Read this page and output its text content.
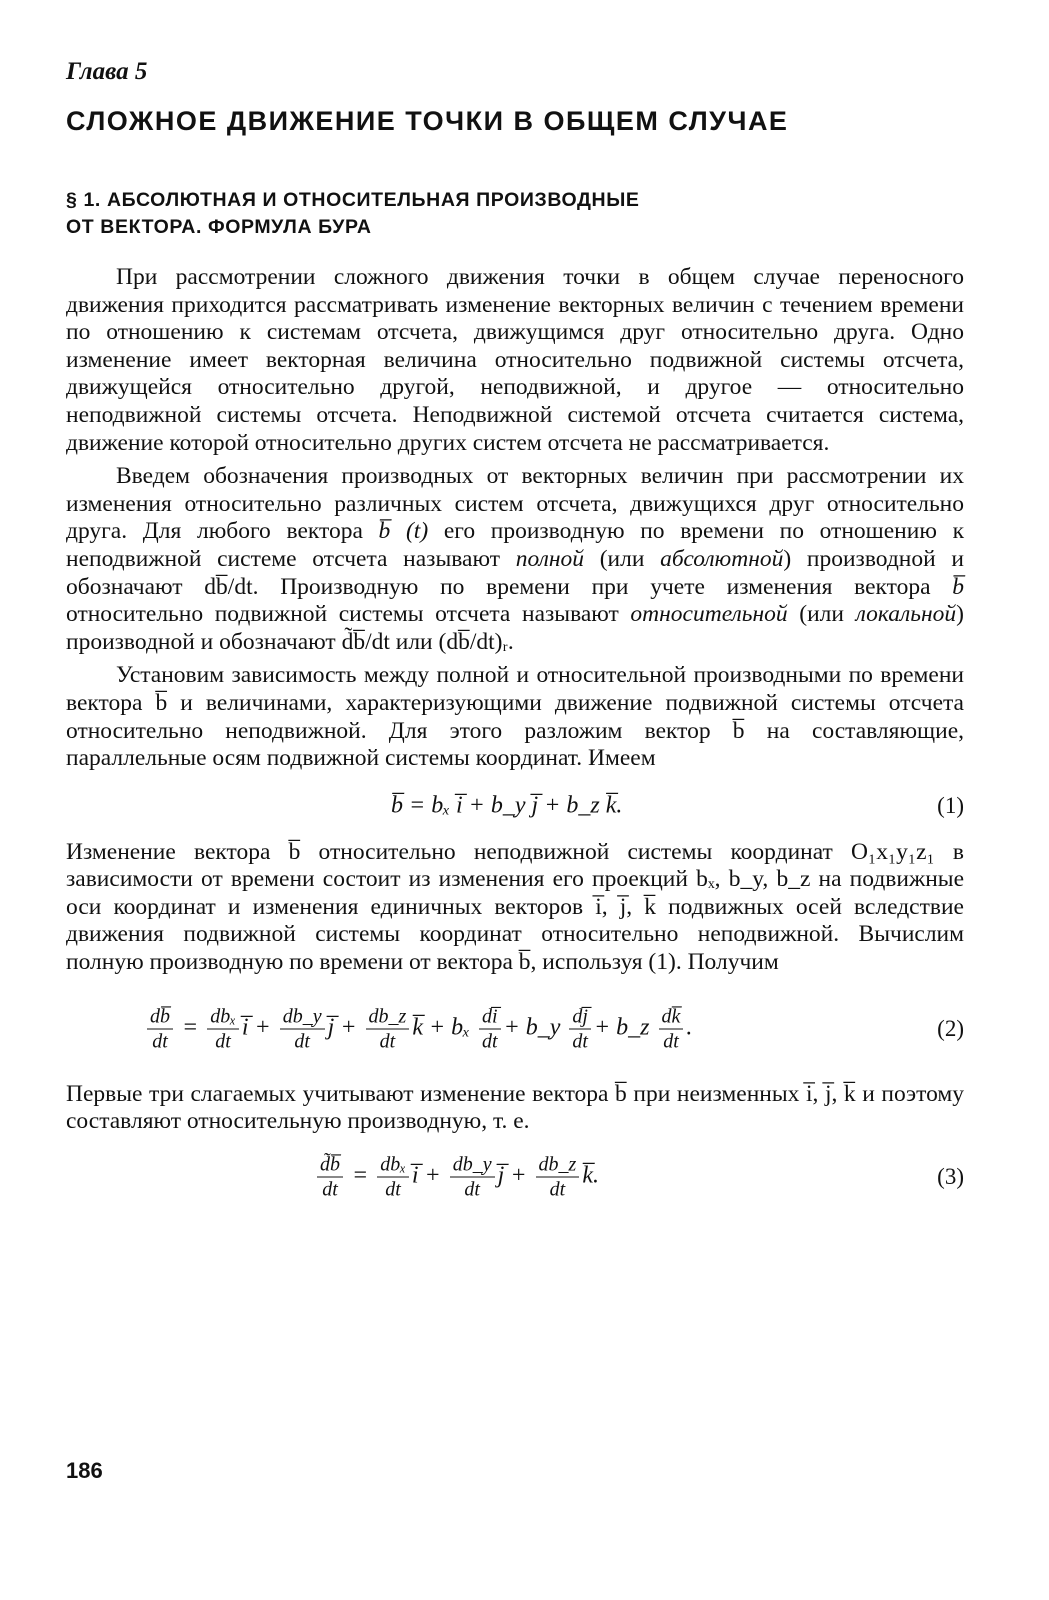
Глава 5

СЛОЖНОЕ ДВИЖЕНИЕ ТОЧКИ В ОБЩЕМ СЛУЧАЕ
§ 1. АБСОЛЮТНАЯ И ОТНОСИТЕЛЬНАЯ ПРОИЗВОДНЫЕ
ОТ ВЕКТОРА. ФОРМУЛА БУРА

При рассмотрении сложного движения точки в общем случае переносного движения приходится рассматривать изменение векторных величин с течением времени по отношению к системам отсчета, движущимся друг относительно друга. Одно изменение имеет векторная величина относительно подвижной системы отсчета, движущейся относительно другой, неподвижной, и другое — относительно неподвижной системы отсчета. Неподвижной системой отсчета считается система, движение которой относительно других систем отсчета не рассматривается.

Введем обозначения производных от векторных величин при рассмотрении их изменения относительно различных систем отсчета, движущихся друг относительно друга. Для любого вектора b̅ (t) его производную по времени по отношению к неподвижной системе отсчета называют полной (или абсолютной) производной и обозначают db̅/dt. Производную по времени при учете изменения вектора b̅ относительно подвижной системы отсчета называют относительной (или локальной) производной и обозначают d̃b̅/dt или (db̅/dt)ᵣ.

Установим зависимость между полной и относительной производными по времени вектора b̅ и величинами, характеризующими движение подвижной системы отсчета относительно неподвижной. Для этого разложим вектор b̅ на составляющие, параллельные осям подвижной системы координат. Имеем

b̅ = bₓ i̅ + b_y j̅ + b_z k̅.	(1)

Изменение вектора b̅ относительно неподвижной системы координат O₁x₁y₁z₁ в зависимости от времени состоит из изменения его проекций bₓ, b_y, b_z на подвижные оси координат и изменения единичных векторов i̅, j̅, k̅ подвижных осей вследствие движения подвижной системы координат относительно неподвижной. Вычислим полную производную по времени от вектора b̅, используя (1). Получим

$\frac{db̅}{dt} = \frac{\text{dbₓ}}{dt}$ i̅ + $\frac{db\_y}{dt}$ j̅ + $\frac{db\_z}{dt}$ k̅ + bₓ $\frac{di̅}{dt}$ + b_y $\frac{dj̅}{dt}$ + b_z $\frac{dk̅}{dt}$ .	(2)

Первые три слагаемых учитывают изменение вектора b̅ при неизменных i̅, j̅, k̅ и поэтому составляют относительную производную, т. е.

$\frac{d̃b̅}{dt} = \frac{\text{dbₓ}}{dt}$ i̅ + $\frac{db\_y}{dt}$ j̅ + $\frac{db\_z}{dt}$ k̅.	(3)
186
